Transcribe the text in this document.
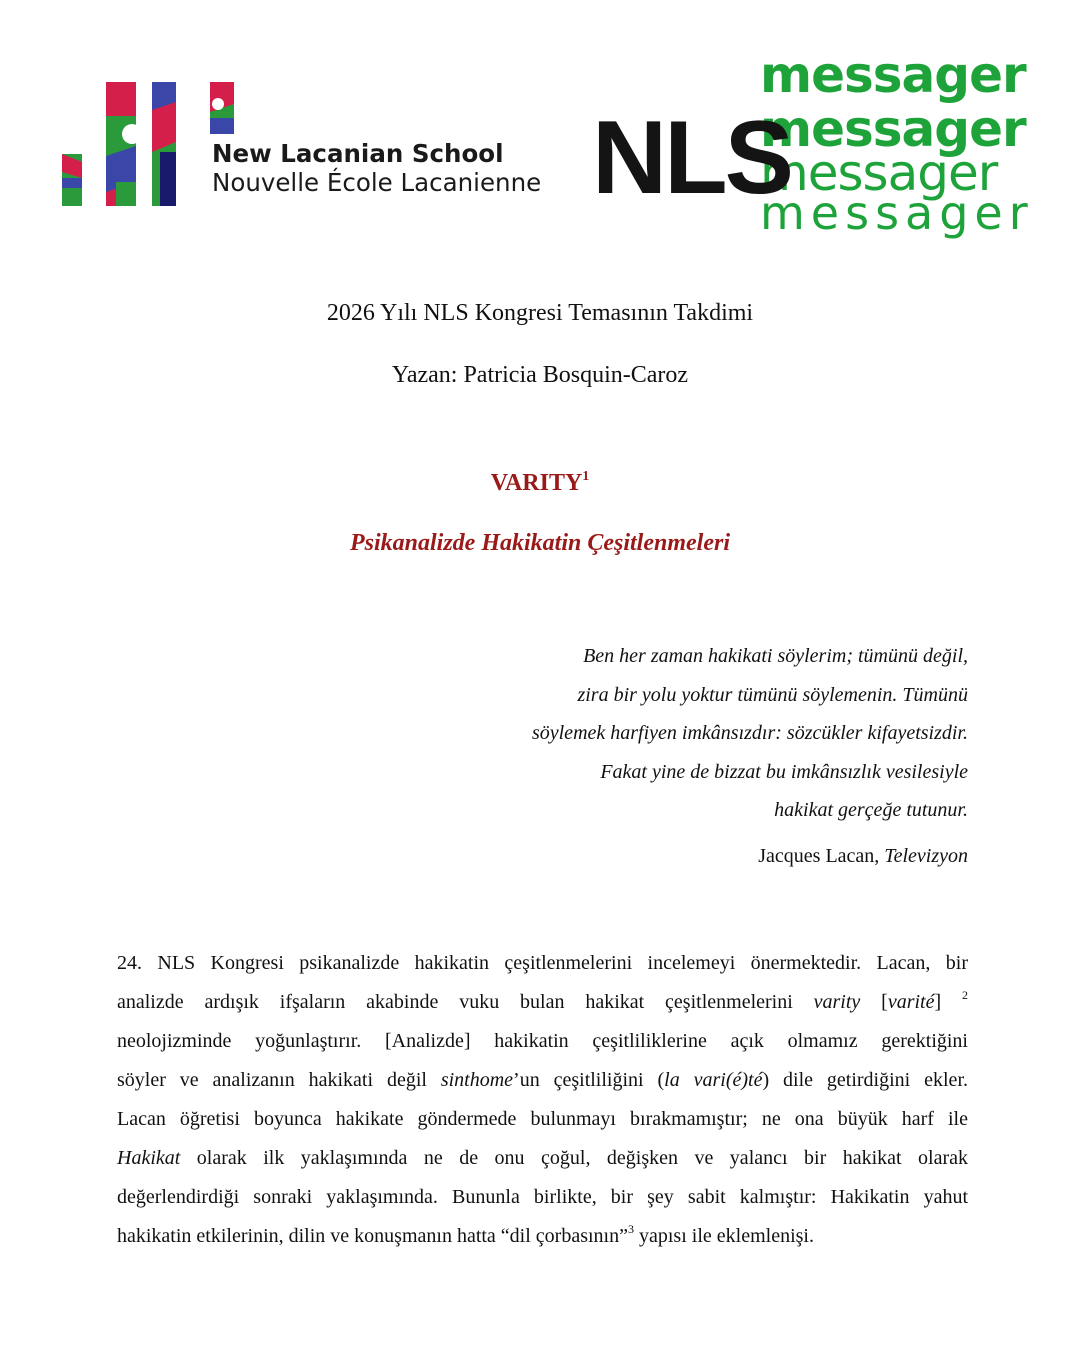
New Lacanian School
Nouvelle École Lacanienne
messager
messager
messager
messager
NLS
2026 Yılı NLS Kongresi Temasının Takdimi
Yazan: Patricia Bosquin-Caroz
VARITY$^1$
Psikanalizde Hakikatin Çeşitlenmeleri
Ben her zaman hakikati söylerim; tümünü değil,
zira bir yolu yoktur tümünü söylemenin. Tümünü
söylemek harfiyen imkânsızdır: sözcükler kifayetsizdir.
Fakat yine de bizzat bu imkânsızlık vesilesiyle
hakikat gerçeğe tutunur.
Jacques Lacan, Televizyon
24. NLS Kongresi psikanalizde hakikatin çeşitlenmelerini incelemeyi önermektedir. Lacan, bir
analizde ardışık ifşaların akabinde vuku bulan hakikat çeşitlenmelerini varity [varité] $^2$
neolojizminde yoğunlaştırır. [Analizde] hakikatin çeşitliliklerine açık olmamız gerektiğini
söyler ve analizanın hakikati değil sinthome’un çeşitliliğini (la vari(é)té) dile getirdiğini ekler.
Lacan öğretisi boyunca hakikate göndermede bulunmayı bırakmamıştır; ne ona büyük harf ile
Hakikat olarak ilk yaklaşımında ne de onu çoğul, değişken ve yalancı bir hakikat olarak
değerlendirdiği sonraki yaklaşımında. Bununla birlikte, bir şey sabit kalmıştır: Hakikatin yahut
hakikatin etkilerinin, dilin ve konuşmanın hatta “dil çorbasının”$^3$ yapısı ile eklemlenişi.
